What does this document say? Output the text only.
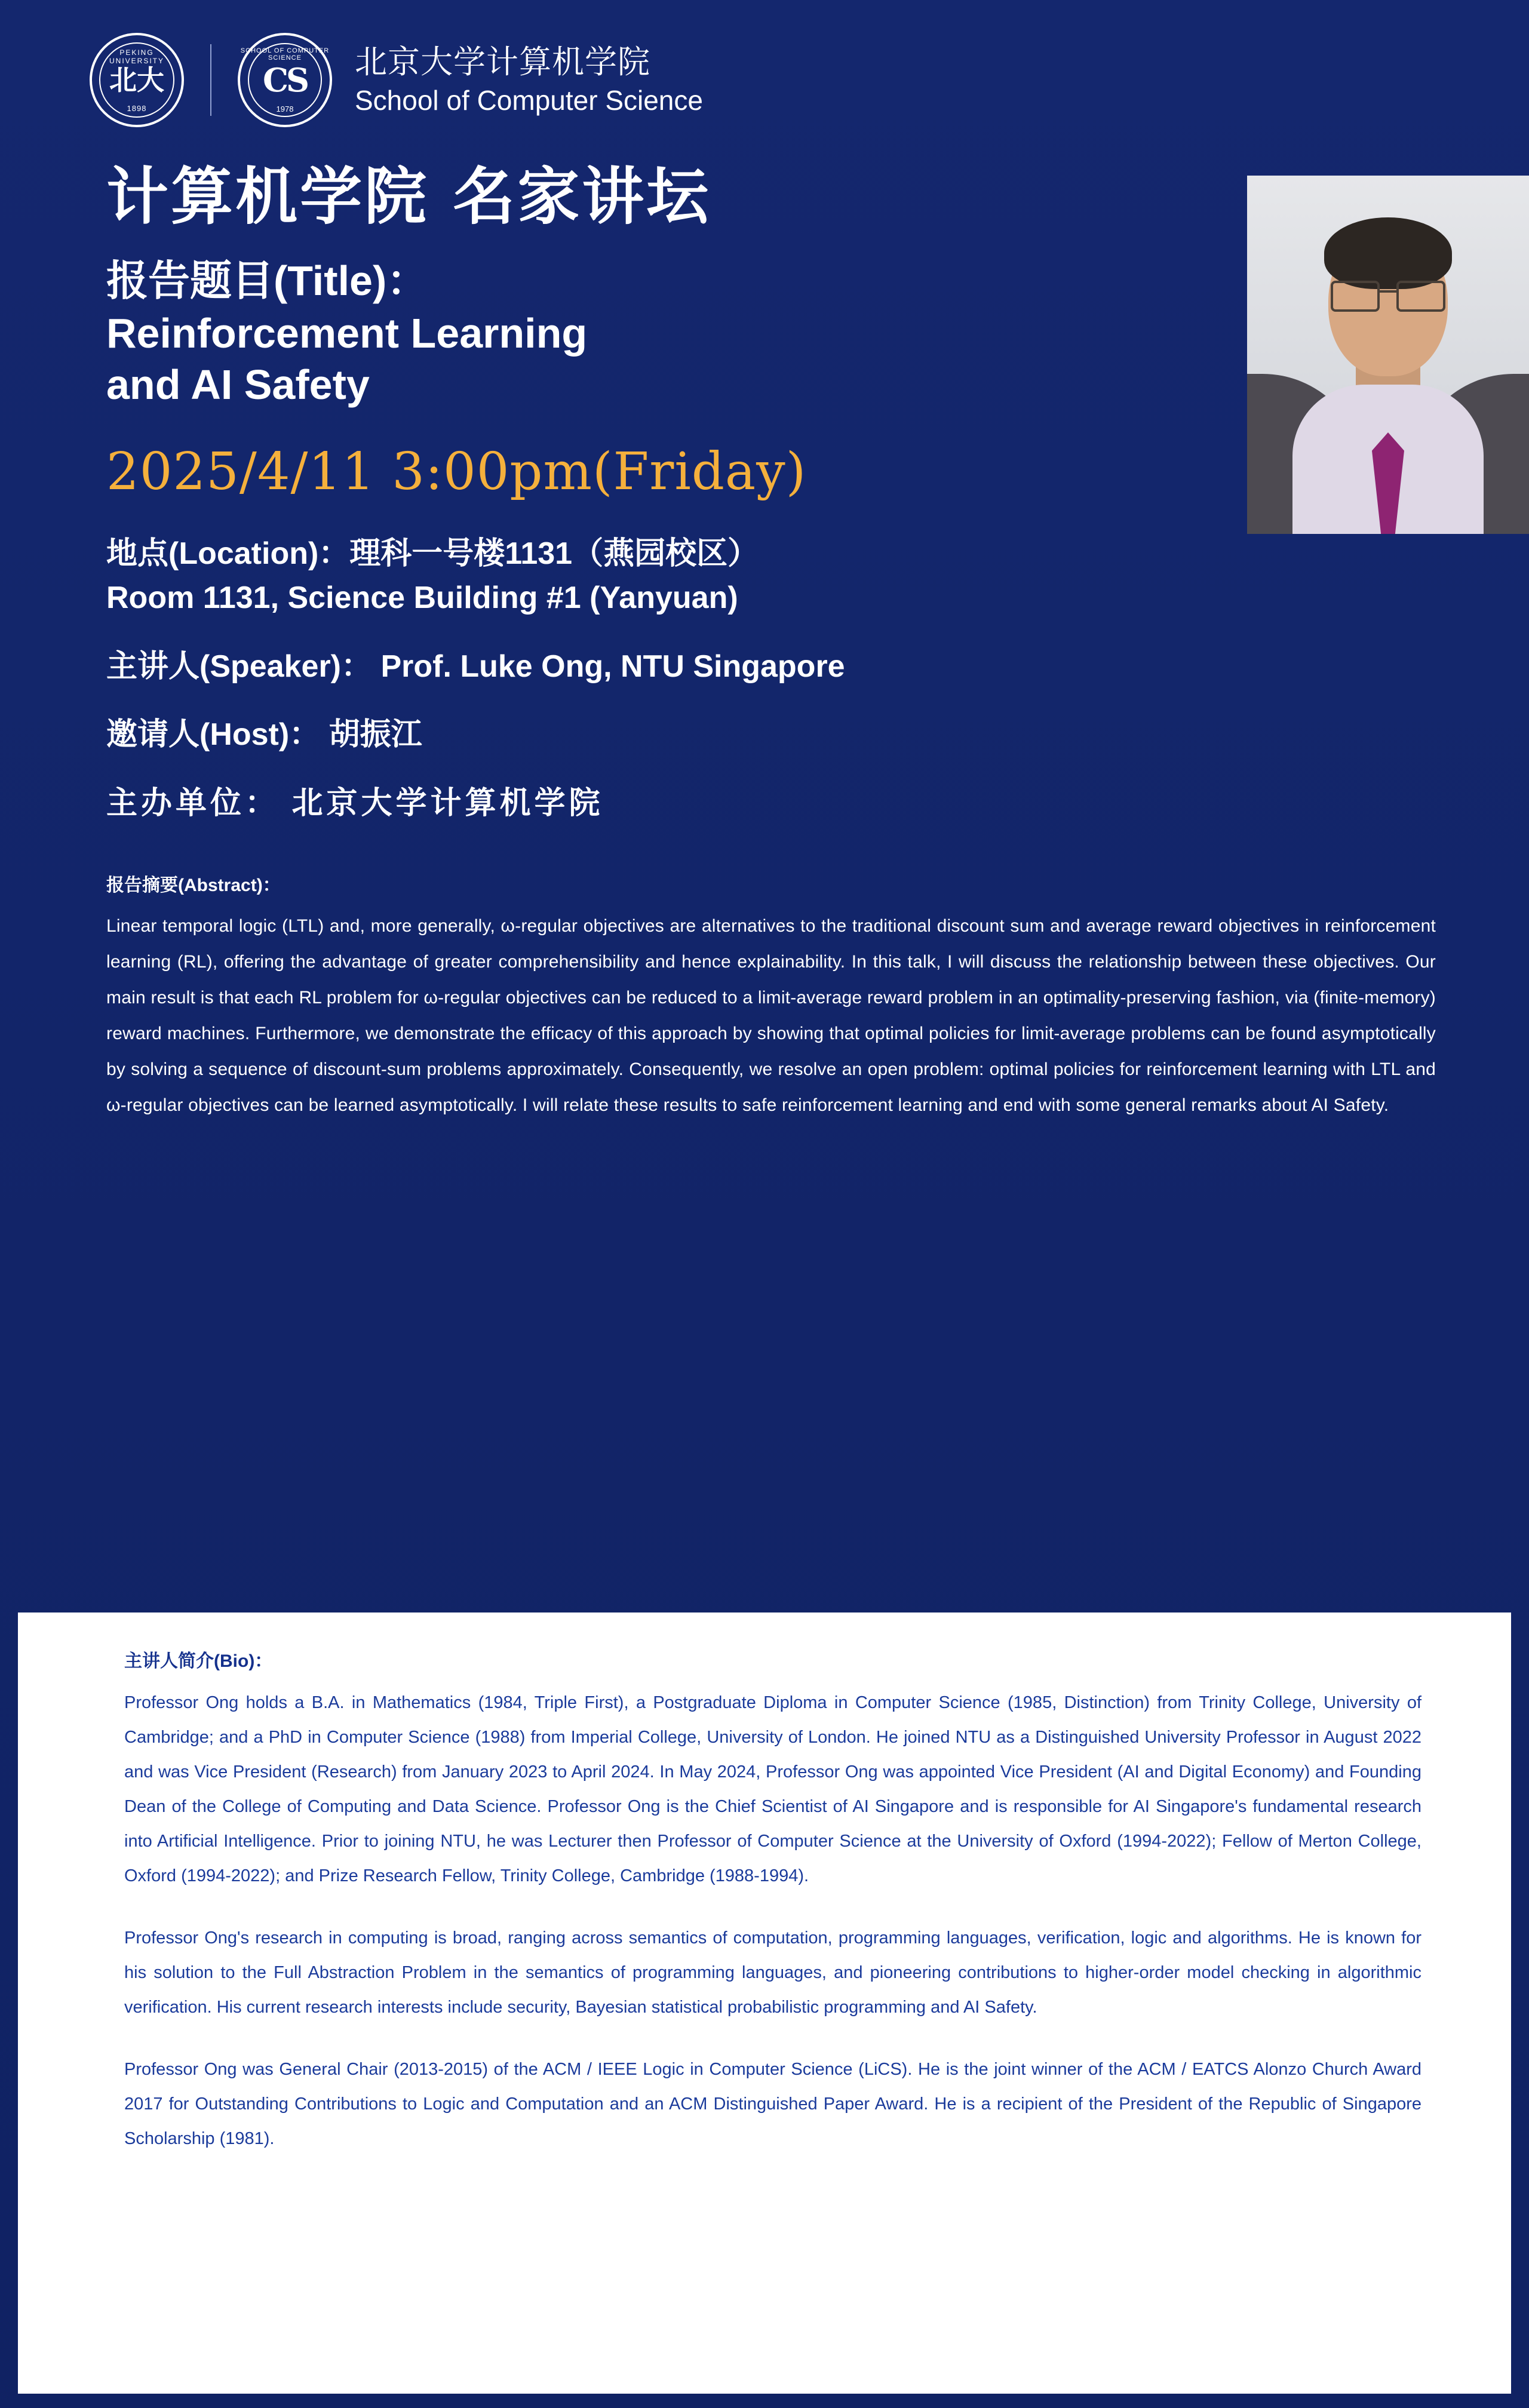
PEKING UNIVERSITY
北大
1898
SCHOOL OF COMPUTER SCIENCE
CS
1978
北京大学计算机学院
School of Computer Science
计算机学院 名家讲坛
报告题目(Title)：
Reinforcement Learning
and AI Safety
2025/4/11 3:00pm(Friday)
地点(Location)：理科一号楼1131（燕园校区）
Room 1131, Science Building #1 (Yanyuan)
主讲人(Speaker)： Prof. Luke Ong, NTU Singapore
邀请人(Host)： 胡振江
主办单位： 北京大学计算机学院
报告摘要(Abstract)：
Linear temporal logic (LTL) and, more generally, ω-regular objectives are alternatives to the traditional discount sum and average reward objectives in reinforcement learning (RL), offering the advantage of greater comprehensibility and hence explainability. In this talk, I will discuss the relationship between these objectives. Our main result is that each RL problem for ω-regular objectives can be reduced to a limit-average reward problem in an optimality-preserving fashion, via (finite-memory) reward machines. Furthermore, we demonstrate the efficacy of this approach by showing that optimal policies for limit-average problems can be found asymptotically by solving a sequence of discount-sum problems approximately. Consequently, we resolve an open problem: optimal policies for reinforcement learning with LTL and ω-regular objectives can be learned asymptotically. I will relate these results to safe reinforcement learning and end with some general remarks about AI Safety.
主讲人简介(Bio)：

Professor Ong holds a B.A. in Mathematics (1984, Triple First), a Postgraduate Diploma in Computer Science (1985, Distinction) from Trinity College, University of Cambridge; and a PhD in Computer Science (1988) from Imperial College, University of London. He joined NTU as a Distinguished University Professor in August 2022 and was Vice President (Research) from January 2023 to April 2024. In May 2024, Professor Ong was appointed Vice President (AI and Digital Economy) and Founding Dean of the College of Computing and Data Science. Professor Ong is the Chief Scientist of AI Singapore and is responsible for AI Singapore's fundamental research into Artificial Intelligence. Prior to joining NTU, he was Lecturer then Professor of Computer Science at the University of Oxford (1994-2022); Fellow of Merton College, Oxford (1994-2022); and Prize Research Fellow, Trinity College, Cambridge (1988-1994).

Professor Ong's research in computing is broad, ranging across semantics of computation, programming languages, verification, logic and algorithms. He is known for his solution to the Full Abstraction Problem in the semantics of programming languages, and pioneering contributions to higher-order model checking in algorithmic verification. His current research interests include security, Bayesian statistical probabilistic programming and AI Safety.

Professor Ong was General Chair (2013-2015) of the ACM / IEEE Logic in Computer Science (LiCS). He is the joint winner of the ACM / EATCS Alonzo Church Award 2017 for Outstanding Contributions to Logic and Computation and an ACM Distinguished Paper Award. He is a recipient of the President of the Republic of Singapore Scholarship (1981).
